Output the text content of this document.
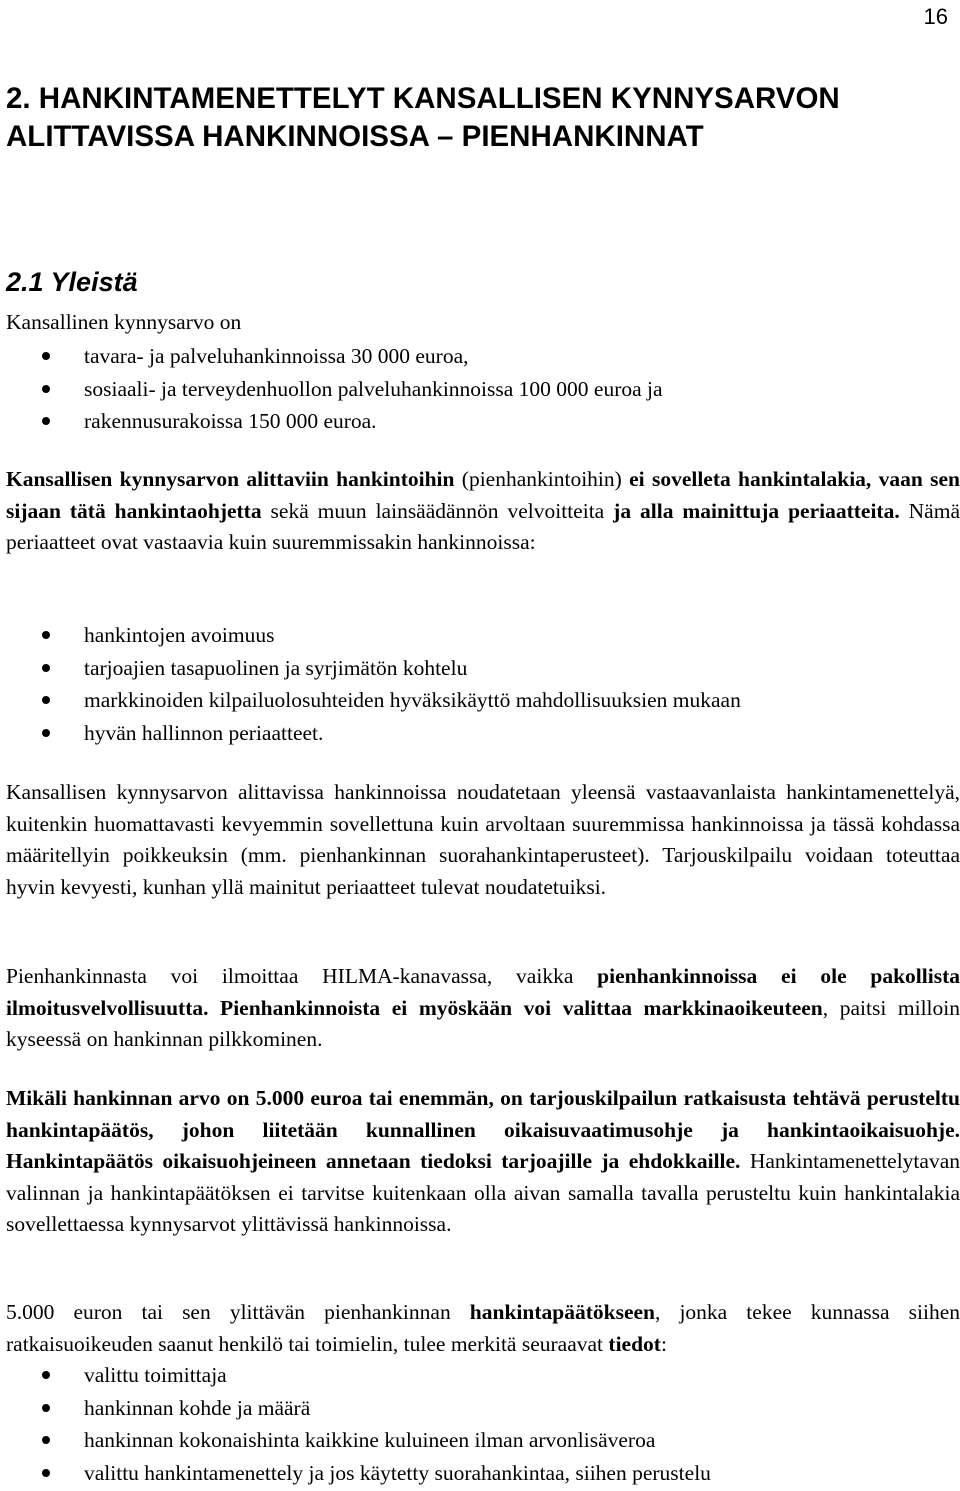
16
2. HANKINTAMENETTELYT KANSALLISEN KYNNYSARVON ALITTAVISSA HANKINNOISSA – PIENHANKINNAT
2.1 Yleistä
Kansallinen kynnysarvo on
tavara- ja palveluhankinnoissa 30 000 euroa,
sosiaali- ja terveydenhuollon palveluhankinnoissa 100 000 euroa ja
rakennusurakoissa 150 000 euroa.

Kansallisen kynnysarvon alittaviin hankintoihin (pienhankintoihin) ei sovelleta hankintalakia, vaan sen sijaan tätä hankintaohjetta sekä muun lainsäädännön velvoitteita ja alla mainittuja periaatteita. Nämä periaatteet ovat vastaavia kuin suuremmissakin hankinnoissa:

hankintojen avoimuus
tarjoajien tasapuolinen ja syrjimätön kohtelu
markkinoiden kilpailuolosuhteiden hyväksikäyttö mahdollisuuksien mukaan
hyvän hallinnon periaatteet.

Kansallisen kynnysarvon alittavissa hankinnoissa noudatetaan yleensä vastaavanlaista hankintamenettelyä, kuitenkin huomattavasti kevyemmin sovellettuna kuin arvoltaan suuremmissa hankinnoissa ja tässä kohdassa määritellyin poikkeuksin (mm. pienhankinnan suorahankintaperusteet). Tarjouskilpailu voidaan toteuttaa hyvin kevyesti, kunhan yllä mainitut periaatteet tulevat noudatetuiksi.

Pienhankinnasta voi ilmoittaa HILMA-kanavassa, vaikka pienhankinnoissa ei ole pakollista ilmoitusvelvollisuutta. Pienhankinnoista ei myöskään voi valittaa markkinaoikeuteen, paitsi milloin kyseessä on hankinnan pilkkominen.

Mikäli hankinnan arvo on 5.000 euroa tai enemmän, on tarjouskilpailun ratkaisusta tehtävä perusteltu hankintapäätös, johon liitetään kunnallinen oikaisuvaatimusohje ja hankintaoikaisuohje. Hankintapäätös oikaisuohjeineen annetaan tiedoksi tarjoajille ja ehdokkaille. Hankintamenettelytavan valinnan ja hankintapäätöksen ei tarvitse kuitenkaan olla aivan samalla tavalla perusteltu kuin hankintalakia sovellettaessa kynnysarvot ylittävissä hankinnoissa.

5.000 euron tai sen ylittävän pienhankinnan hankintapäätökseen, jonka tekee kunnassa siihen ratkaisuoikeuden saanut henkilö tai toimielin, tulee merkitä seuraavat tiedot:

valittu toimittaja
hankinnan kohde ja määrä
hankinnan kokonaishinta kaikkine kuluineen ilman arvonlisäveroa
valittu hankintamenettely ja jos käytetty suorahankintaa, siihen perustelu
